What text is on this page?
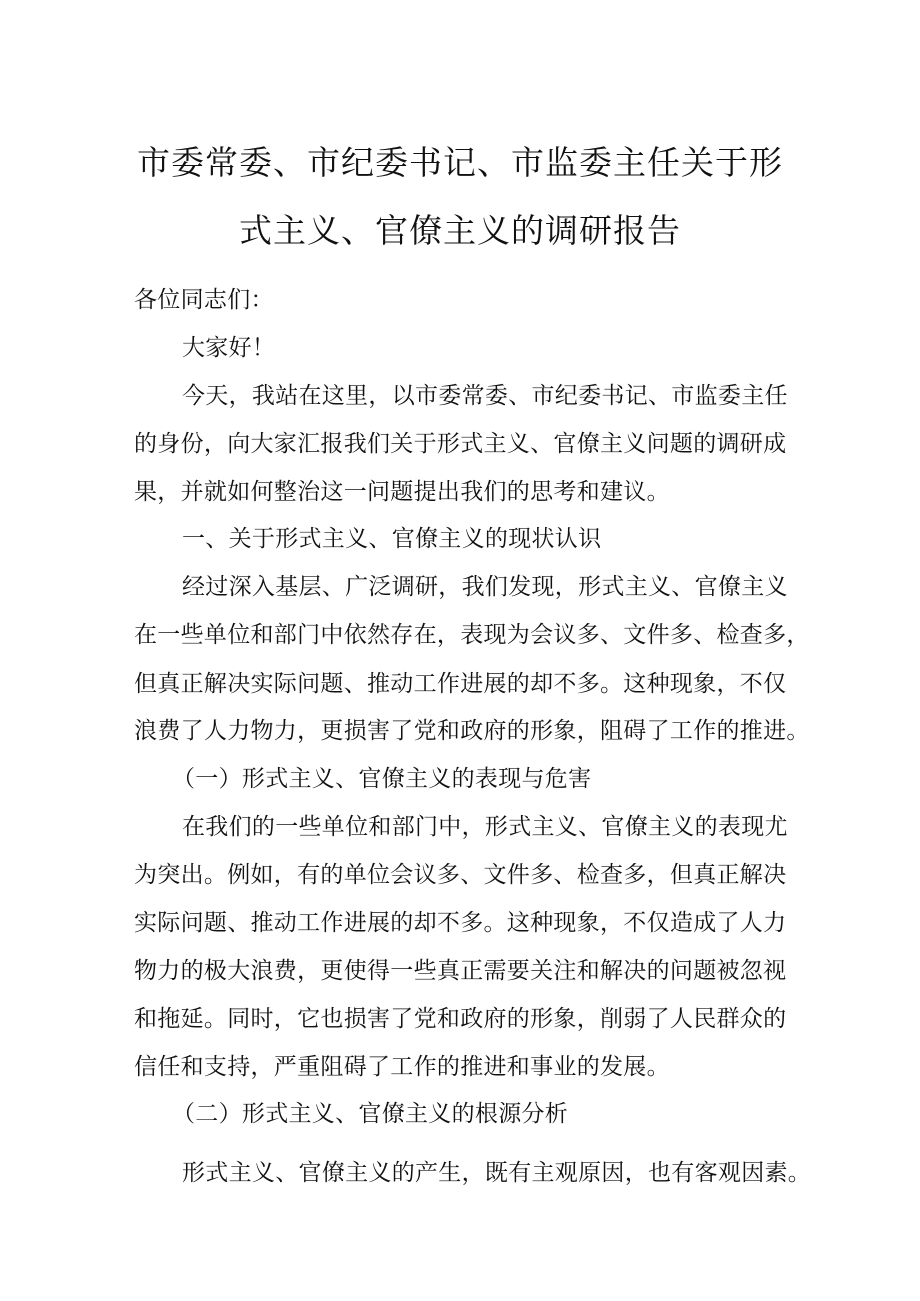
市委常委、市纪委书记、市监委主任关于形
式主义、官僚主义的调研报告
各位同志们：
大家好！
今天，我站在这里，以市委常委、市纪委书记、市监委主任
的身份，向大家汇报我们关于形式主义、官僚主义问题的调研成
果，并就如何整治这一问题提出我们的思考和建议。
一、关于形式主义、官僚主义的现状认识
经过深入基层、广泛调研，我们发现，形式主义、官僚主义
在一些单位和部门中依然存在，表现为会议多、文件多、检查多，
但真正解决实际问题、推动工作进展的却不多。这种现象，不仅
浪费了人力物力，更损害了党和政府的形象，阻碍了工作的推进。
（一）形式主义、官僚主义的表现与危害
在我们的一些单位和部门中，形式主义、官僚主义的表现尤
为突出。例如，有的单位会议多、文件多、检查多，但真正解决
实际问题、推动工作进展的却不多。这种现象，不仅造成了人力
物力的极大浪费，更使得一些真正需要关注和解决的问题被忽视
和拖延。同时，它也损害了党和政府的形象，削弱了人民群众的
信任和支持，严重阻碍了工作的推进和事业的发展。
（二）形式主义、官僚主义的根源分析
形式主义、官僚主义的产生，既有主观原因，也有客观因素。
